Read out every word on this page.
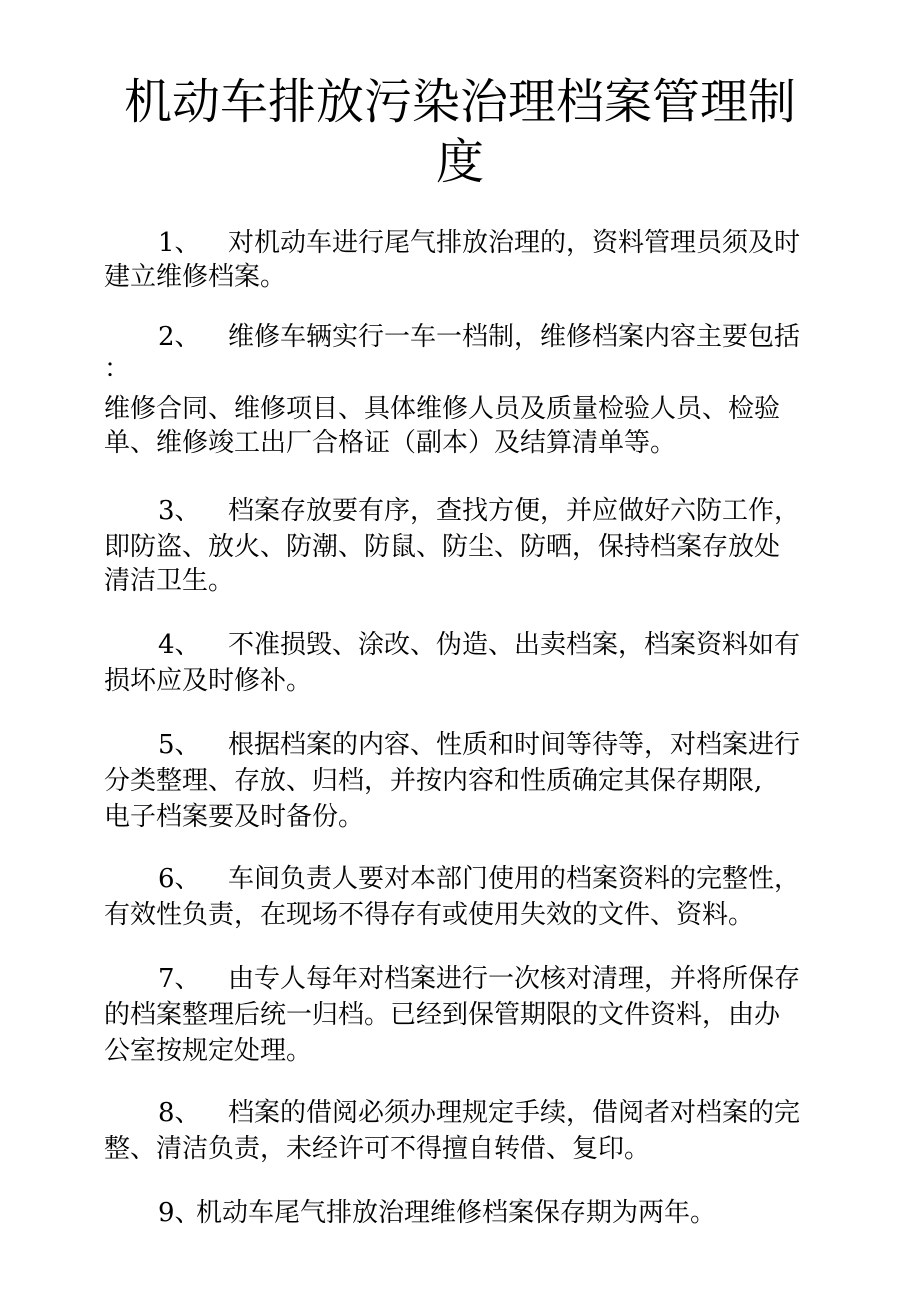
机动车排放污染治理档案管理制
度
1、 对机动车进行尾气排放治理的，资料管理员须及时
建立维修档案。
2、 维修车辆实行一车一档制，维修档案内容主要包括
：
维修合同、维修项目、具体维修人员及质量检验人员、检验
单、维修竣工出厂合格证（副本）及结算清单等。
3、 档案存放要有序，查找方便，并应做好六防工作，
即防盗、放火、防潮、防鼠、防尘、防晒，保持档案存放处
清洁卫生。
4、 不准损毁、涂改、伪造、出卖档案，档案资料如有
损坏应及时修补。
5、 根据档案的内容、性质和时间等待等，对档案进行
分类整理、存放、归档，并按内容和性质确定其保存期限,
电子档案要及时备份。
6、 车间负责人要对本部门使用的档案资料的完整性，
有效性负责，在现场不得存有或使用失效的文件、资料。
7、 由专人每年对档案进行一次核对清理，并将所保存
的档案整理后统一归档。已经到保管期限的文件资料，由办
公室按规定处理。
8、 档案的借阅必须办理规定手续，借阅者对档案的完
整、清洁负责，未经许可不得擅自转借、复印。
9、
机动车尾气排放治理维修档案保存期为两年。
